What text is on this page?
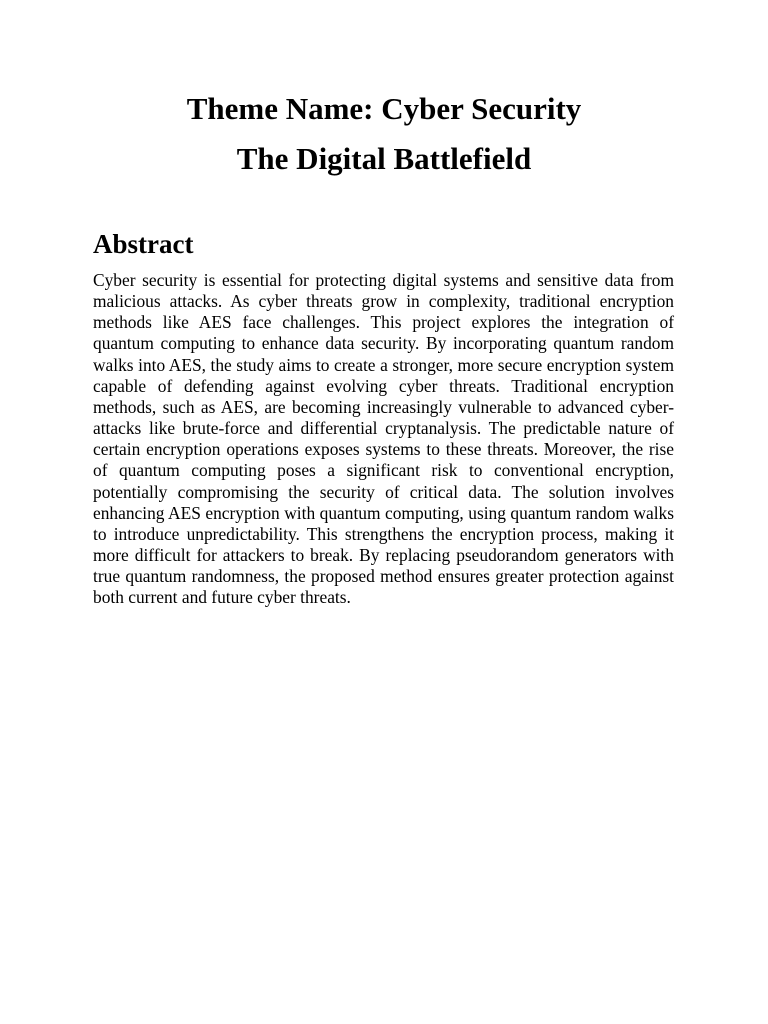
Theme Name: Cyber Security
The Digital Battlefield
Abstract

Cyber security is essential for protecting digital systems and sensitive data from malicious attacks. As cyber threats grow in complexity, traditional encryption methods like AES face challenges. This project explores the integration of quantum computing to enhance data security. By incorporating quantum random walks into AES, the study aims to create a stronger, more secure encryption system capable of defending against evolving cyber threats. Traditional encryption methods, such as AES, are becoming increasingly vulnerable to advanced cyber-attacks like brute-force and differential cryptanalysis. The predictable nature of certain encryption operations exposes systems to these threats. Moreover, the rise of quantum computing poses a significant risk to conventional encryption, potentially compromising the security of critical data. The solution involves enhancing AES encryption with quantum computing, using quantum random walks to introduce unpredictability. This strengthens the encryption process, making it more difficult for attackers to break. By replacing pseudorandom generators with true quantum randomness, the proposed method ensures greater protection against both current and future cyber threats.
